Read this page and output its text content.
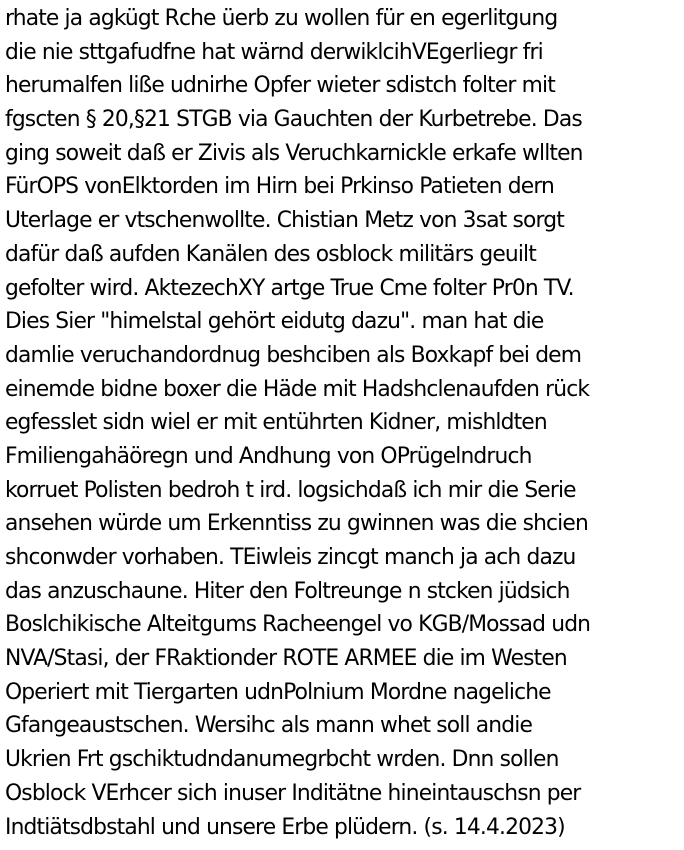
rhate ja agkügt Rche üerb zu wollen für en egerlitgung
die nie sttgafudfne hat wärnd derwiklcihVEgerliegr fri
herumalfen liße udnirhe Opfer wieter sdistch folter mit
fgscten § 20,§21 STGB via Gauchten der Kurbetrebe. Das
ging soweit daß er Zivis als Veruchkarnickle erkafe wllten
FürOPS vonElktorden im Hirn bei Prkinso Patieten dern
Uterlage er vtschenwollte. Chistian Metz von 3sat sorgt
dafür daß aufden Kanälen des osblock militärs geuilt
gefolter wird. AktezechXY artge True Cme folter Pr0n TV.
Dies Sier "himelstal gehört eidutg dazu". man hat die
damlie veruchandordnug beshciben als Boxkapf bei dem
einemde bidne boxer die Häde mit Hadshclenaufden rück
egfesslet sidn wiel er mit entührten Kidner, mishldten
Fmiliengahäöregn und Andhung von OPrügelndruch
korruet Polisten bedroh t ird. logsichdaß ich mir die Serie
ansehen würde um Erkenntiss zu gwinnen was die shcien
shconwder vorhaben. TEiwleis zincgt manch ja ach dazu
das anzuschaune. Hiter den Foltreunge n stcken jüdsich
Boslchikische Alteitgums Racheengel vo KGB/Mossad udn
NVA/Stasi, der FRaktionder ROTE ARMEE die im Westen
Operiert mit Tiergarten udnPolnium Mordne nageliche
Gfangeaustschen. Wersihc als mann whet soll andie
Ukrien Frt gschiktudndanumegrbcht wrden. Dnn sollen
Osblock VErhcer sich inuser Inditätne hineintauschsn per
Indtiätsdbstahl und unsere Erbe plüdern. (s. 14.4.2023)
